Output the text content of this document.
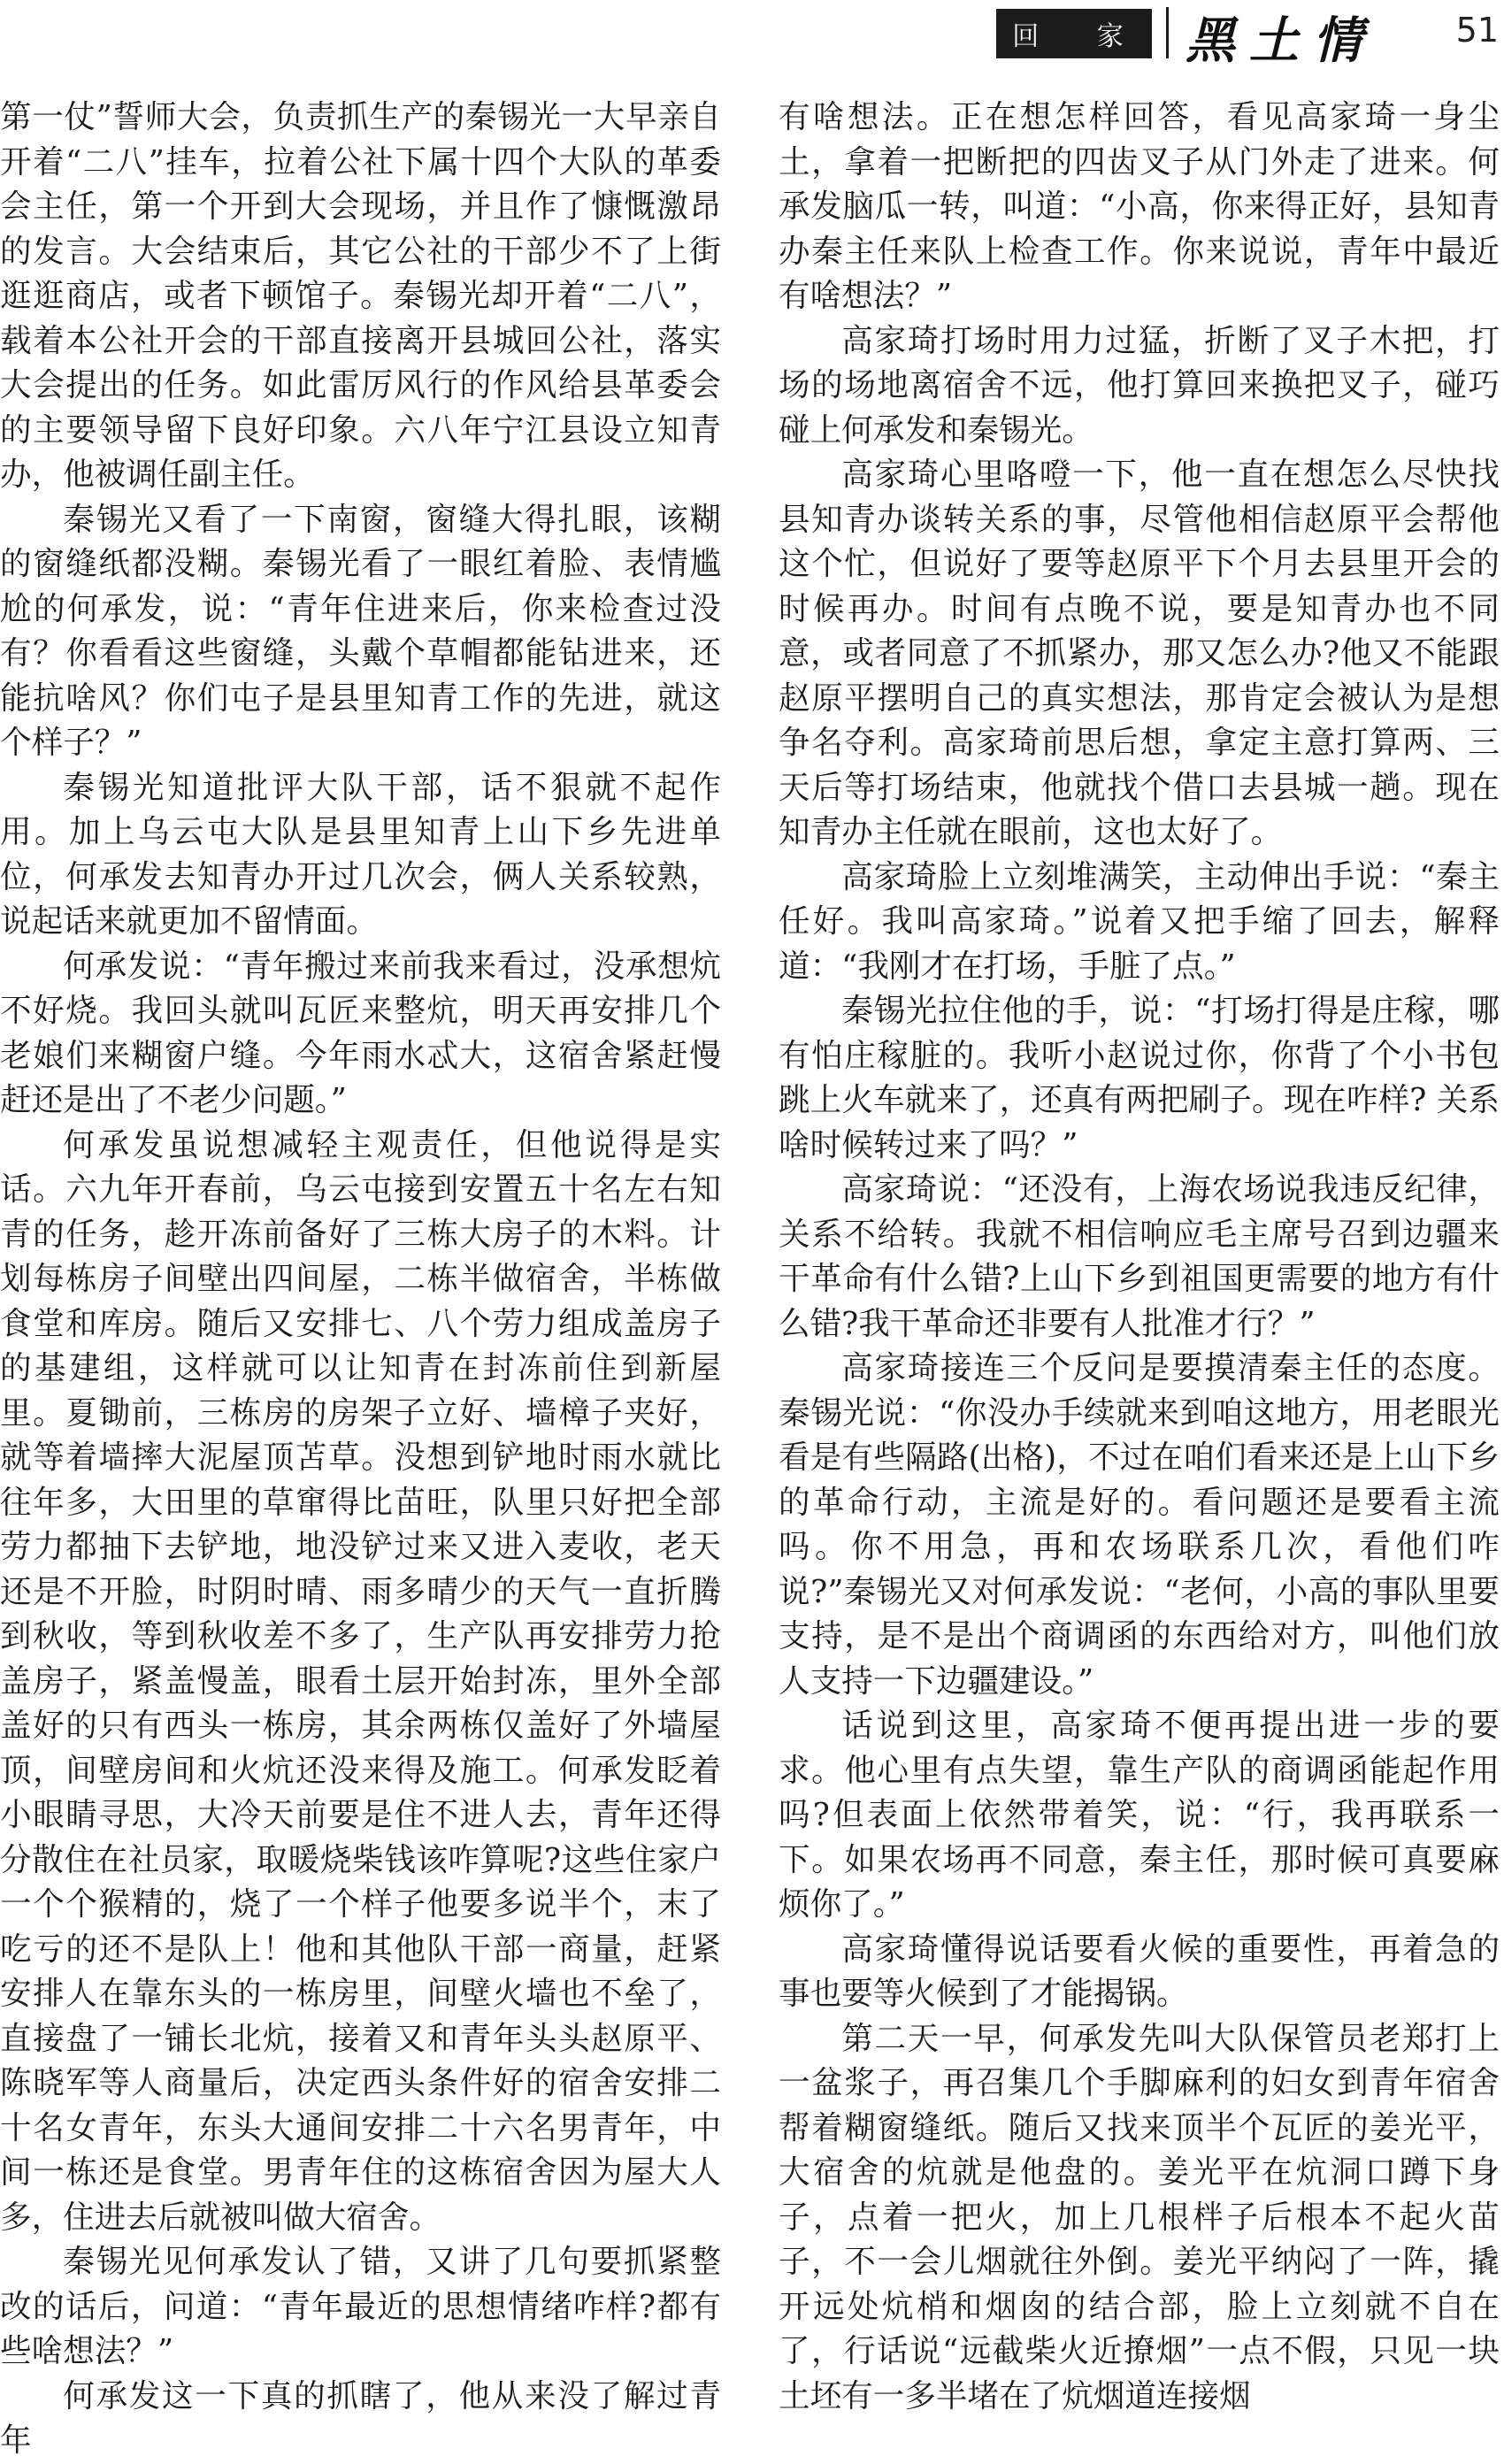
回 家 黑土情 51

第一仗”誓师大会，负责抓生产的秦锡光一大早亲自开着“二八”挂车，拉着公社下属十四个大队的革委会主任，第一个开到大会现场，并且作了慷慨激昂的发言。大会结束后，其它公社的干部少不了上街逛逛商店，或者下顿馆子。秦锡光却开着“二八”，载着本公社开会的干部直接离开县城回公社，落实大会提出的任务。如此雷厉风行的作风给县革委会的主要领导留下良好印象。六八年宁江县设立知青办，他被调任副主任。

秦锡光又看了一下南窗，窗缝大得扎眼，该糊的窗缝纸都没糊。秦锡光看了一眼红着脸、表情尴尬的何承发，说：“青年住进来后，你来检查过没有？你看看这些窗缝，头戴个草帽都能钻进来，还能抗啥风？你们屯子是县里知青工作的先进，就这个样子？”

秦锡光知道批评大队干部，话不狠就不起作用。加上乌云屯大队是县里知青上山下乡先进单位，何承发去知青办开过几次会，俩人关系较熟，说起话来就更加不留情面。

何承发说：“青年搬过来前我来看过，没承想炕不好烧。我回头就叫瓦匠来整炕，明天再安排几个老娘们来糊窗户缝。今年雨水忒大，这宿舍紧赶慢赶还是出了不老少问题。”

何承发虽说想减轻主观责任，但他说得是实话。六九年开春前，乌云屯接到安置五十名左右知青的任务，趁开冻前备好了三栋大房子的木料。计划每栋房子间壁出四间屋，二栋半做宿舍，半栋做食堂和库房。随后又安排七、八个劳力组成盖房子的基建组，这样就可以让知青在封冻前住到新屋里。夏锄前，三栋房的房架子立好、墙樟子夹好，就等着墙摔大泥屋顶苫草。没想到铲地时雨水就比往年多，大田里的草窜得比苗旺，队里只好把全部劳力都抽下去铲地，地没铲过来又进入麦收，老天还是不开脸，时阴时晴、雨多晴少的天气一直折腾到秋收，等到秋收差不多了，生产队再安排劳力抢盖房子，紧盖慢盖，眼看土层开始封冻，里外全部盖好的只有西头一栋房，其余两栋仅盖好了外墙屋顶，间壁房间和火炕还没来得及施工。何承发眨着小眼睛寻思，大冷天前要是住不进人去，青年还得分散住在社员家，取暖烧柴钱该咋算呢?这些住家户一个个猴精的，烧了一个样子他要多说半个，末了吃亏的还不是队上！他和其他队干部一商量，赶紧安排人在靠东头的一栋房里，间壁火墙也不垒了，直接盘了一铺长北炕，接着又和青年头头赵原平、陈晓军等人商量后，决定西头条件好的宿舍安排二十名女青年，东头大通间安排二十六名男青年，中间一栋还是食堂。男青年住的这栋宿舍因为屋大人多，住进去后就被叫做大宿舍。

秦锡光见何承发认了错，又讲了几句要抓紧整改的话后，问道：“青年最近的思想情绪咋样?都有些啥想法？”

何承发这一下真的抓瞎了，他从来没了解过青年

有啥想法。正在想怎样回答，看见高家琦一身尘土，拿着一把断把的四齿叉子从门外走了进来。何承发脑瓜一转，叫道：“小高，你来得正好，县知青办秦主任来队上检查工作。你来说说，青年中最近有啥想法？”

高家琦打场时用力过猛，折断了叉子木把，打场的场地离宿舍不远，他打算回来换把叉子，碰巧碰上何承发和秦锡光。

高家琦心里咯噔一下，他一直在想怎么尽快找县知青办谈转关系的事，尽管他相信赵原平会帮他这个忙，但说好了要等赵原平下个月去县里开会的时候再办。时间有点晚不说，要是知青办也不同意，或者同意了不抓紧办，那又怎么办?他又不能跟赵原平摆明自己的真实想法，那肯定会被认为是想争名夺利。高家琦前思后想，拿定主意打算两、三天后等打场结束，他就找个借口去县城一趟。现在知青办主任就在眼前，这也太好了。

高家琦脸上立刻堆满笑，主动伸出手说：“秦主任好。我叫高家琦。”说着又把手缩了回去，解释道：“我刚才在打场，手脏了点。”

秦锡光拉住他的手，说：“打场打得是庄稼，哪有怕庄稼脏的。我听小赵说过你，你背了个小书包跳上火车就来了，还真有两把刷子。现在咋样? 关系啥时候转过来了吗？”

高家琦说：“还没有，上海农场说我违反纪律，关系不给转。我就不相信响应毛主席号召到边疆来干革命有什么错?上山下乡到祖国更需要的地方有什么错?我干革命还非要有人批准才行？”

高家琦接连三个反问是要摸清秦主任的态度。秦锡光说：“你没办手续就来到咱这地方，用老眼光看是有些隔路(出格)，不过在咱们看来还是上山下乡的革命行动，主流是好的。看问题还是要看主流吗。你不用急，再和农场联系几次，看他们咋说?”秦锡光又对何承发说：“老何，小高的事队里要支持，是不是出个商调函的东西给对方，叫他们放人支持一下边疆建设。”

话说到这里，高家琦不便再提出进一步的要求。他心里有点失望，靠生产队的商调函能起作用吗?但表面上依然带着笑，说：“行，我再联系一下。如果农场再不同意，秦主任，那时候可真要麻烦你了。”

高家琦懂得说话要看火候的重要性，再着急的事也要等火候到了才能揭锅。

第二天一早，何承发先叫大队保管员老郑打上一盆浆子，再召集几个手脚麻利的妇女到青年宿舍帮着糊窗缝纸。随后又找来顶半个瓦匠的姜光平，大宿舍的炕就是他盘的。姜光平在炕洞口蹲下身子，点着一把火，加上几根柈子后根本不起火苗子，不一会儿烟就往外倒。姜光平纳闷了一阵，撬开远处炕梢和烟囱的结合部，脸上立刻就不自在了，行话说“远截柴火近撩烟”一点不假，只见一块土坯有一多半堵在了炕烟道连接烟
